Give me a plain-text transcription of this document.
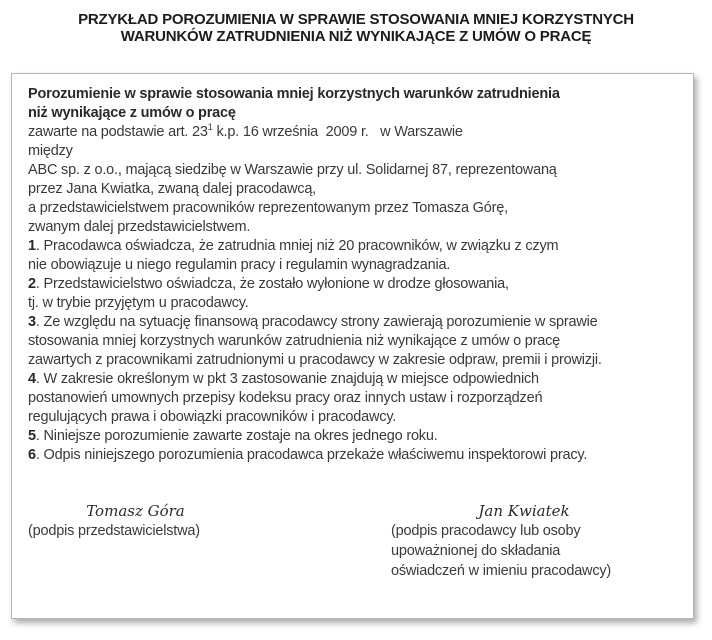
PRZYKŁAD POROZUMIENIA W SPRAWIE STOSOWANIA MNIEJ KORZYSTNYCH
WARUNKÓW ZATRUDNIENIA NIŻ WYNIKAJĄCE Z UMÓW O PRACĘ

Porozumienie w sprawie stosowania mniej korzystnych warunków zatrudnienia
niż wynikające z umów o pracę

zawarte na podstawie art. $23^1$ k.p. 16 września  2009 r.   w Warszawie
między
ABC sp. z o.o., mającą siedzibę w Warszawie przy ul. Solidarnej 87, reprezentowaną
przez Jana Kwiatka, zwaną dalej pracodawcą,
a przedstawicielstwem pracowników reprezentowanym przez Tomasza Górę,
zwanym dalej przedstawicielstwem.

1. Pracodawca oświadcza, że zatrudnia mniej niż 20 pracowników, w związku z czym
nie obowiązuje u niego regulamin pracy i regulamin wynagradzania.
2. Przedstawicielstwo oświadcza, że zostało wyłonione w drodze głosowania,
tj. w trybie przyjętym u pracodawcy.
3. Ze względu na sytuację finansową pracodawcy strony zawierają porozumienie w sprawie
stosowania mniej korzystnych warunków zatrudnienia niż wynikające z umów o pracę
zawartych z pracownikami zatrudnionymi u pracodawcy w zakresie odpraw, premii i prowizji.
4. W zakresie określonym w pkt 3 zastosowanie znajdują w miejsce odpowiednich
postanowień umownych przepisy kodeksu pracy oraz innych ustaw i rozporządzeń
regulujących prawa i obowiązki pracowników i pracodawcy.
5. Niniejsze porozumienie zawarte zostaje na okres jednego roku.
6. Odpis niniejszego porozumienia pracodawca przekaże właściwemu inspektorowi pracy.

Tomasz Góra
(podpis przedstawicielstwa)
Jan Kwiatek
(podpis pracodawcy lub osoby
upoważnionej do składania
oświadczeń w imieniu pracodawcy)
